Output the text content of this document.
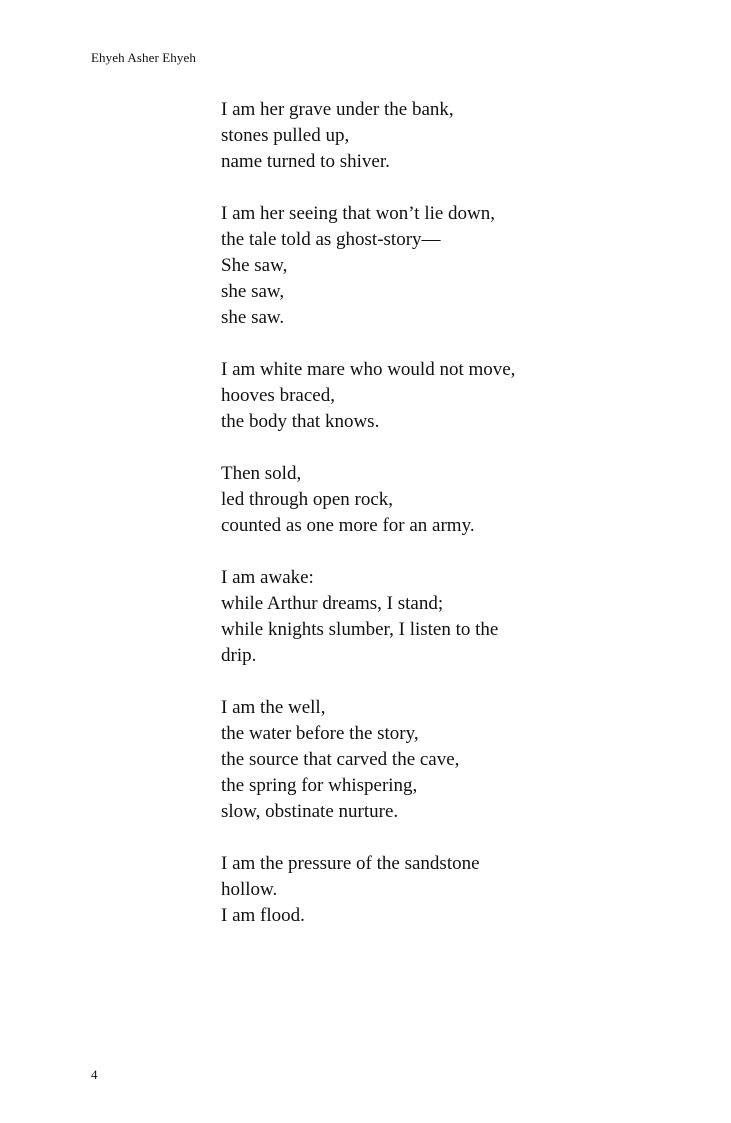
Ehyeh Asher Ehyeh
I am her grave under the bank,
stones pulled up,
name turned to shiver.
I am her seeing that won’t lie down,
the tale told as ghost-story—
She saw,
she saw,
she saw.
I am white mare who would not move,
hooves braced,
the body that knows.
Then sold,
led through open rock,
counted as one more for an army.
I am awake:
while Arthur dreams, I stand;
while knights slumber, I listen to the
drip.
I am the well,
the water before the story,
the source that carved the cave,
the spring for whispering,
slow, obstinate nurture.
I am the pressure of the sandstone
hollow.
I am flood.
4
